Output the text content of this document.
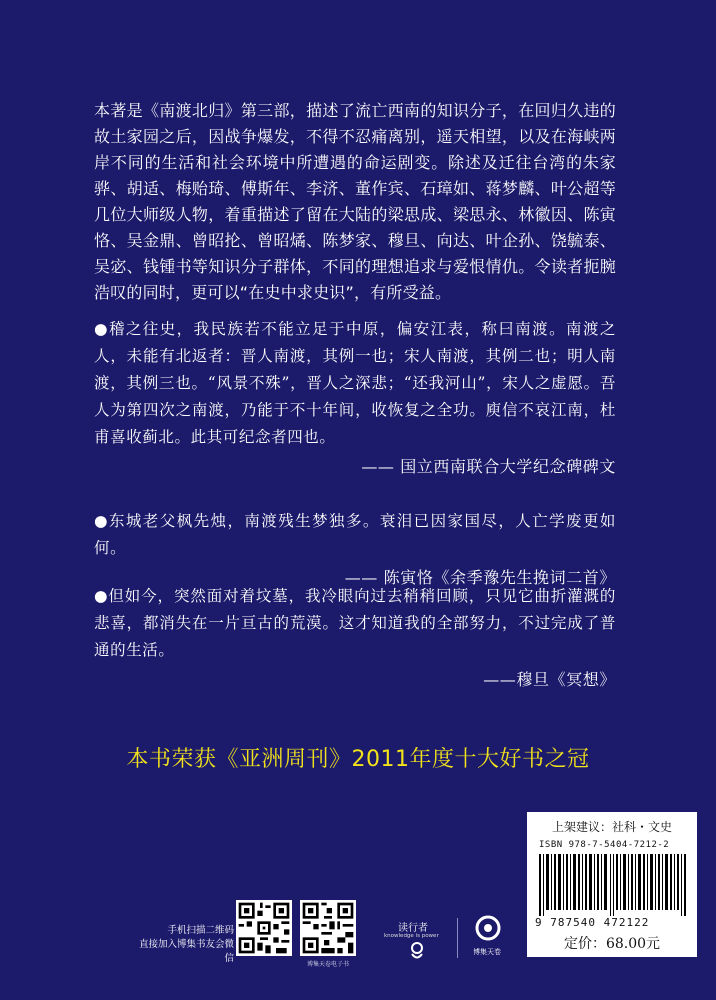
本著是《南渡北归》第三部，描述了流亡西南的知识分子，在回归久违的故土家园之后，因战争爆发，不得不忍痛离别，遥天相望，以及在海峡两岸不同的生活和社会环境中所遭遇的命运剧变。除述及迁往台湾的朱家骅、胡适、梅贻琦、傅斯年、李济、董作宾、石璋如、蒋梦麟、叶公超等几位大师级人物，着重描述了留在大陆的梁思成、梁思永、林徽因、陈寅恪、吴金鼎、曾昭抡、曾昭燏、陈梦家、穆旦、向达、叶企孙、饶毓泰、吴宓、钱锺书等知识分子群体，不同的理想追求与爱恨情仇。令读者扼腕浩叹的同时，更可以“在史中求史识”，有所受益。

●稽之往史，我民族若不能立足于中原，偏安江表，称曰南渡。南渡之人，未能有北返者：晋人南渡，其例一也；宋人南渡，其例二也；明人南渡，其例三也。“风景不殊”，晋人之深悲；“还我河山”，宋人之虚愿。吾人为第四次之南渡，乃能于不十年间，收恢复之全功。庾信不哀江南，杜甫喜收蓟北。此其可纪念者四也。

—— 国立西南联合大学纪念碑碑文

●东城老父枫先烛，南渡残生梦独多。衰泪已因家国尽，人亡学废更如何。

—— 陈寅恪《余季豫先生挽词二首》

●但如今，突然面对着坟墓，我冷眼向过去稍稍回顾，只见它曲折灌溉的悲喜，都消失在一片亘古的荒漠。这才知道我的全部努力，不过完成了普通的生活。

——穆旦《冥想》
本书荣获《亚洲周刊》2011年度十大好书之冠
手机扫描二维码
直接加入博集书友会微信
博集天卷电子书
读行者
knowledge is power
博集天卷
上架建议：社科・文史
ISBN 978-7-5404-7212-2
9 787540 472122
定价：68.00元
